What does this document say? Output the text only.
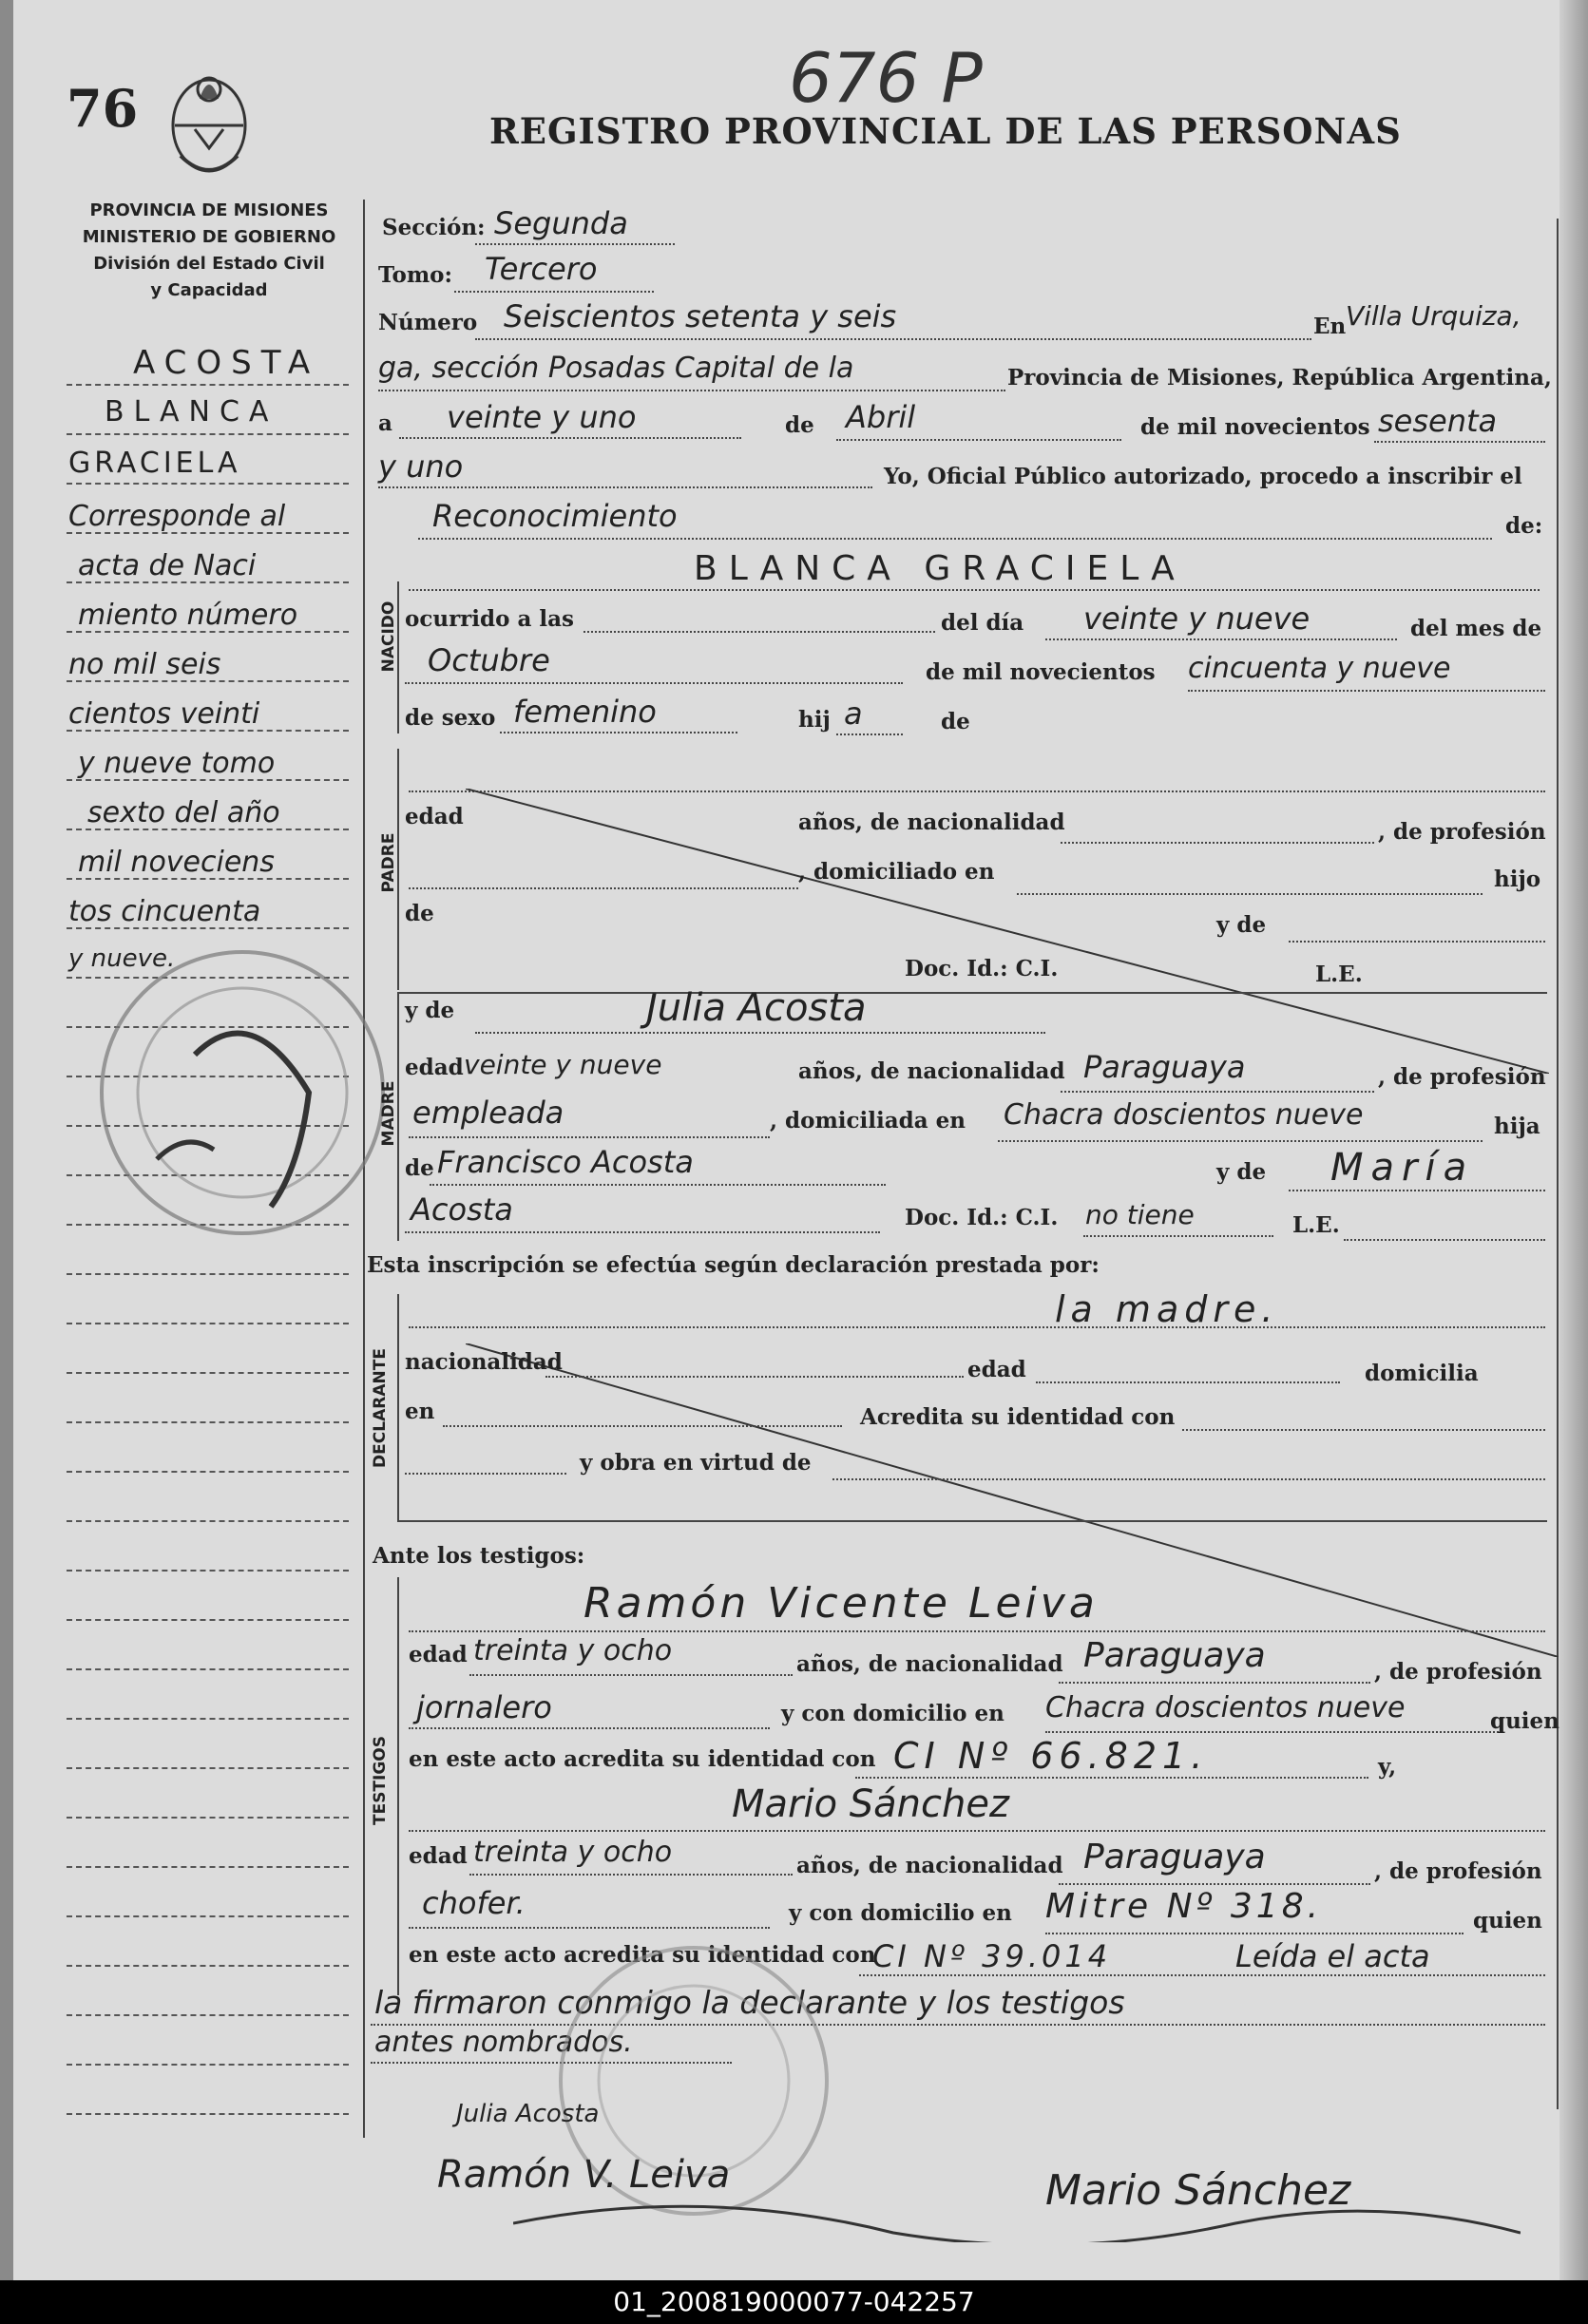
76	676 P
REGISTRO PROVINCIAL DE LAS PERSONAS
PROVINCIA DE MISIONES
MINISTERIO DE GOBIERNO
División del Estado Civil
y Capacidad
ACOSTA
BLANCA
GRACIELA
Corresponde al
acta de Naci
miento número
no mil seis
cientos veinti
y nueve tomo
sexto del año
mil noveciens
tos cincuenta
y nueve.
Sección: Segunda
Tomo: Tercero
Número Seiscientos setenta y seis	En Villa Urquiza,
ga, sección Posadas Capital de la	Provincia de Misiones, República Argentina,
a veinte y uno	de Abril	de mil novecientos sesenta
y uno	Yo, Oficial Público autorizado, procedo a inscribir el
Reconocimiento	de:
BLANCA GRACIELA
NACIDO ocurrido a las	del día veinte y nueve	del mes de
Octubre	de mil novecientos cincuenta y nueve
de sexo femenino	hij a	de
PADRE
edad	años, de nacionalidad	, de profesión
, domiciliado en	hijo
de	y de
Doc. Id.: C.I.	L.E.
MADRE
y de	Julia Acosta
edad veinte y nueve	años, de nacionalidad Paraguaya	, de profesión
empleada	, domiciliada en Chacra doscientos nueve	hija
de Francisco Acosta	y de María
Acosta	Doc. Id.: C.I. no tiene	L.E.
Esta inscripción se efectúa según declaración prestada por:
la madre.
DECLARANTE nacionalidad	edad	domicilia
en	Acredita su identidad con
y obra en virtud de
Ante los testigos:
TESTIGOS
Ramón Vicente Leiva
edad treinta y ocho	años, de nacionalidad Paraguaya	, de profesión
jornalero	y con domicilio en Chacra doscientos nueve	quien
en este acto acredita su identidad con CI Nº 66.821.	y,
Mario Sánchez
edad treinta y ocho	años, de nacionalidad Paraguaya	, de profesión
chofer.	y con domicilio en Mitre Nº 318.	quien
en este acto acredita su identidad con
CI Nº 39.014	Leída el acta
la firmaron conmigo la declarante y los testigos
antes nombrados.
Julia Acosta
Ramón V. Leiva	Mario Sánchez
01_200819000077-042257
